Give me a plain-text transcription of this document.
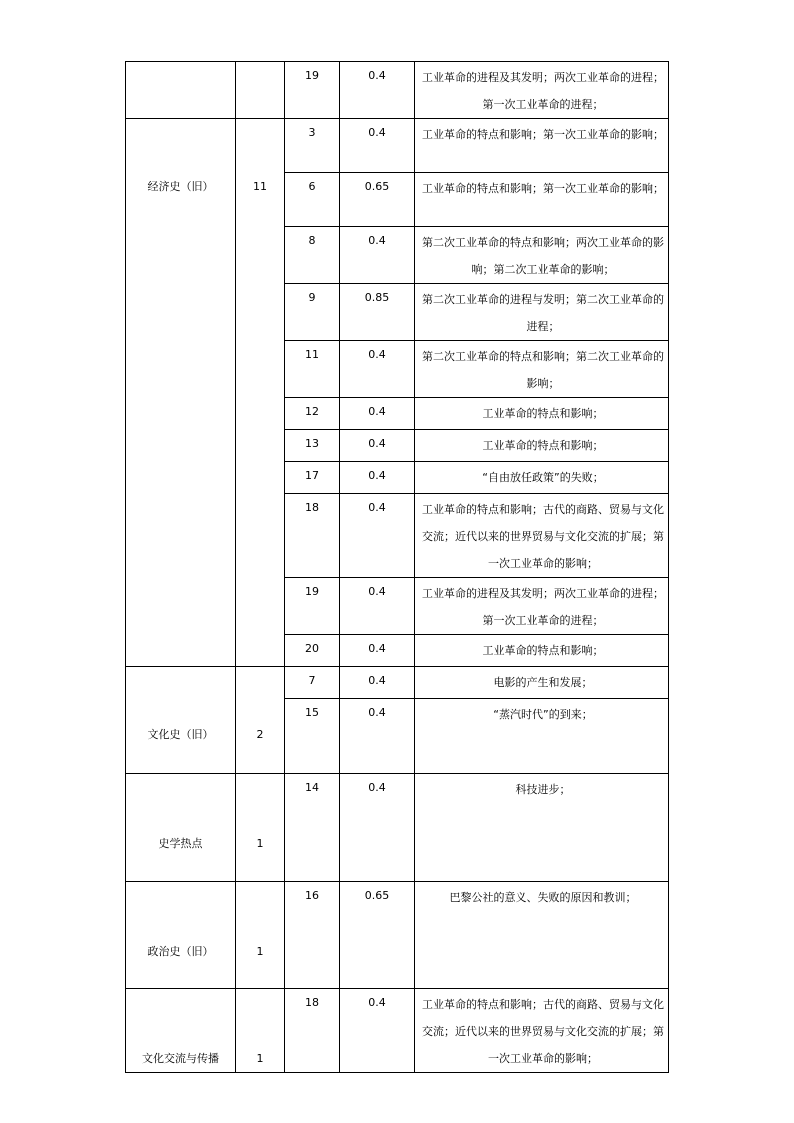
		19	0.4	工业革命的进程及其发明；两次工业革命的进程；第一次工业革命的进程；
经济史（旧）	11	3	0.4	工业革命的特点和影响；第一次工业革命的影响；
		6	0.65	工业革命的特点和影响；第一次工业革命的影响；
		8	0.4	第二次工业革命的特点和影响；两次工业革命的影响；第二次工业革命的影响；
		9	0.85	第二次工业革命的进程与发明；第二次工业革命的进程；
		11	0.4	第二次工业革命的特点和影响；第二次工业革命的影响；
		12	0.4	工业革命的特点和影响；
		13	0.4	工业革命的特点和影响；
		17	0.4	“自由放任政策”的失败；
		18	0.4	工业革命的特点和影响；古代的商路、贸易与文化交流；近代以来的世界贸易与文化交流的扩展；第一次工业革命的影响；
		19	0.4	工业革命的进程及其发明；两次工业革命的进程；第一次工业革命的进程；
		20	0.4	工业革命的特点和影响；
文化史（旧）	2	7	0.4	电影的产生和发展；
		15	0.4	“蒸汽时代”的到来；
史学热点	1	14	0.4	科技进步；
政治史（旧）	1	16	0.65	巴黎公社的意义、失败的原因和教训；
文化交流与传播	1	18	0.4	工业革命的特点和影响；古代的商路、贸易与文化交流；近代以来的世界贸易与文化交流的扩展；第一次工业革命的影响；
